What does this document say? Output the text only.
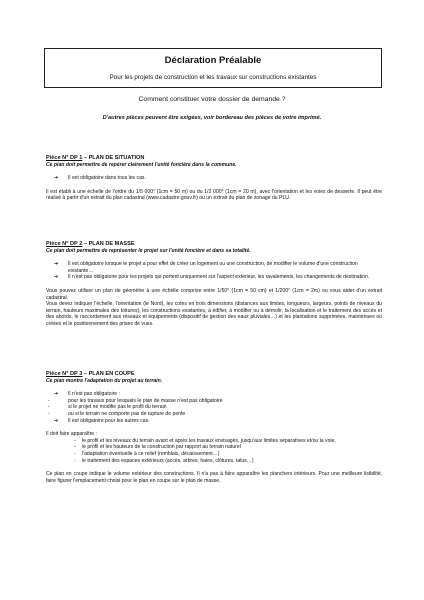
Déclaration Préalable
Pour les projets de construction et les travaux sur constructions existantes
Comment constituer votre dossier de demande ?
D'autres pièces peuvent être exigées, voir bordereau des pièces de votre imprimé.
Pièce N° DP 1 – PLAN DE SITUATION
Ce plan doit permettre de repérer clairement l'unité foncière dans la commune.
➔ Il est obligatoire dans tous les cas.
Il est établi à une échelle de l'ordre du 1/5 000° (1cm = 50 m) ou du 1/2 000° (1cm = 20 m), avec l'orientation et les voies de desserte. Il peut être réalisé à partir d'un extrait du plan cadastral (www.cadastre.gouv.fr) ou un extrait du plan de zonage du PLU.
Pièce N° DP 2 – PLAN DE MASSE
Ce plan doit permettre de représenter le projet sur l'unité foncière et dans sa totalité.
➔ Il est obligatoire lorsque le projet a pour effet de créer un logement ou une construction, de modifier le volume d'une construction existante…
➔ Il n'est pas obligatoire pour les projets qui portent uniquement sur l'aspect extérieur, les ravalements, les changements de destination.
Vous pouvez utiliser un plan de géomètre à une échelle comprise entre 1/50° (1cm = 50 cm) et 1/200° (1cm = 2m) ou vous aider d'un extrait cadastral.
Vous devez indiquer l'échelle, l'orientation (le Nord), les cotes en trois dimensions (distances aux limites, longueurs, largeurs, points de niveaux du terrain, hauteurs maximales des toitures), les constructions existantes, à édifier, à modifier ou à démolir, la localisation et le traitement des accès et des abords, le raccordement aux réseaux et équipements (dispositif de gestion des eaux pluviales…) et les plantations supprimées, maintenues ou créées et le positionnement des prises de vues.
Pièce N° DP 3 – PLAN EN COUPE
Ce plan montre l'adaptation du projet au terrain.
➔ Il n'est pas obligatoire :
-	pour les travaux pour lesquels le plan de masse n'est pas obligatoire
-	si le projet ne modifie pas le profil du terrain
-	ou si le terrain ne comporte pas de rupture de pente
➔ Il est obligatoire pour les autres cas.
Il doit faire apparaître :
- le profil et les niveaux du terrain avant et après les travaux envisagés, jusqu'aux limites séparatives et/ou la voie,
- le profil et les hauteurs de la construction par rapport au terrain naturel
- l'adaptation éventuelle à ce relief (remblais, décaissement…)
- le traitement des espaces extérieurs (accès, arbres, haies, clôtures, talus…)
Ce plan en coupe indique le volume extérieur des constructions. Il n'a pas à faire apparaître les planchers intérieurs. Pour une meilleure lisibilité, faire figurer l'emplacement choisi pour le plan en coupe sur le plan de masse.
